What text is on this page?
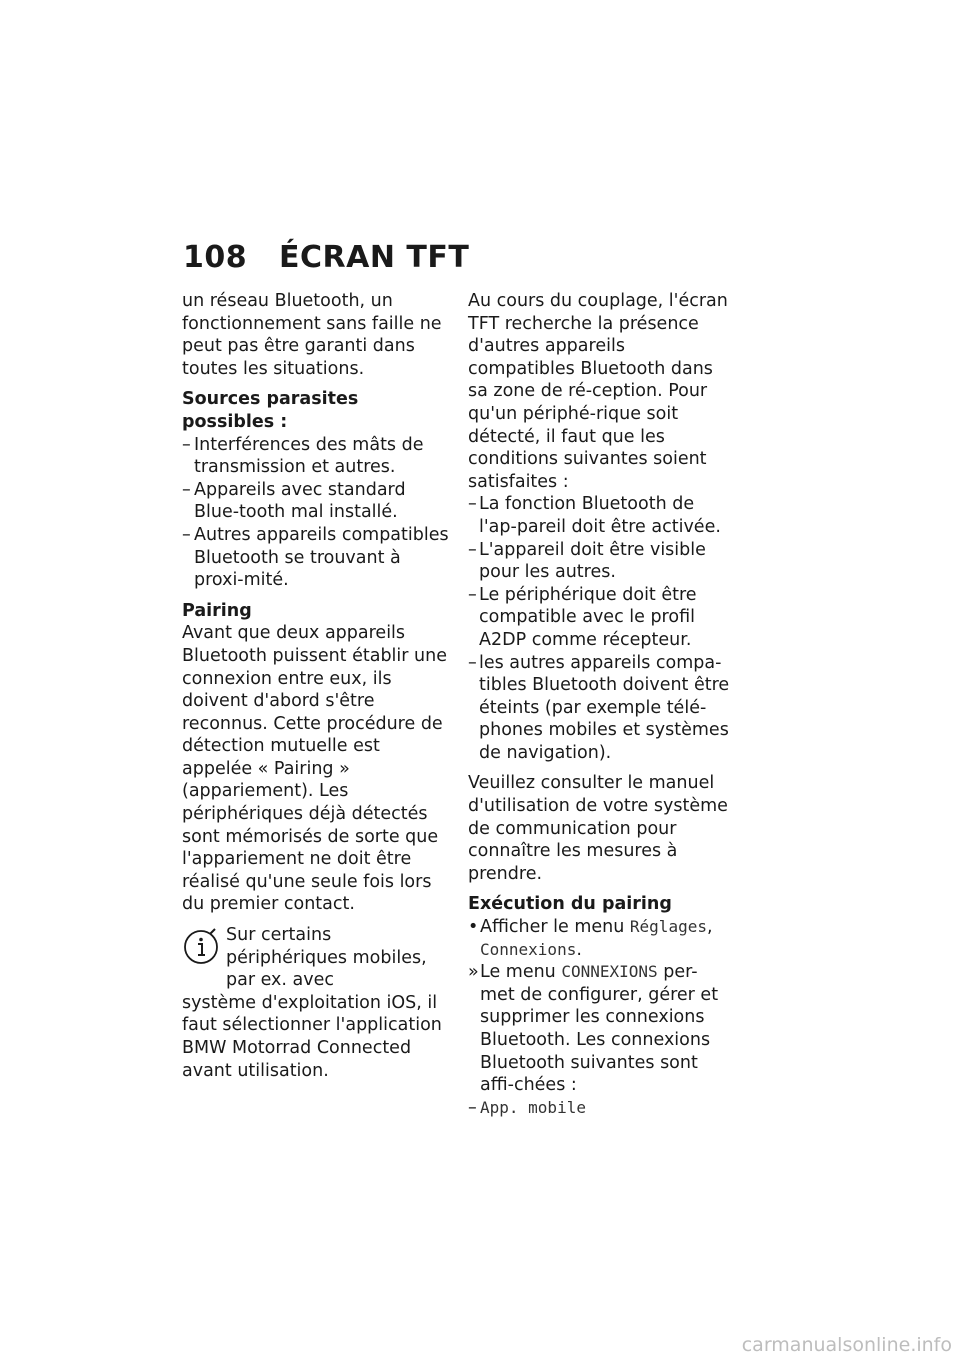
108 ÉCRAN TFT

un réseau Bluetooth, un fonctionnement sans faille ne peut pas être garanti dans toutes les situations.

Sources parasites possibles :

– Interférences des mâts de transmission et autres.
– Appareils avec standard Blue-tooth mal installé.
– Autres appareils compatibles Bluetooth se trouvant à proxi-mité.

Pairing

Avant que deux appareils Bluetooth puissent établir une connexion entre eux, ils doivent d'abord s'être reconnus. Cette procédure de détection mutuelle est appelée « Pairing » (appariement). Les périphériques déjà détectés sont mémorisés de sorte que l'appariement ne doit être réalisé qu'une seule fois lors du premier contact.

Sur certains périphériques mobiles, par ex. avec
système d'exploitation iOS, il faut sélectionner l'application BMW Motorrad Connected avant utilisation.

Au cours du couplage, l'écran TFT recherche la présence d'autres appareils compatibles Bluetooth dans sa zone de ré-ception. Pour qu'un périphé-rique soit détecté, il faut que les conditions suivantes soient satisfaites :

– La fonction Bluetooth de l'ap-pareil doit être activée.
– L'appareil doit être visible pour les autres.
– Le périphérique doit être compatible avec le profil A2DP comme récepteur.
– les autres appareils compa-tibles Bluetooth doivent être éteints (par exemple télé-phones mobiles et systèmes de navigation).

Veuillez consulter le manuel d'utilisation de votre système de communication pour connaître les mesures à prendre.

Exécution du pairing

• Afficher le menu Réglages, Connexions.
» Le menu CONNEXIONS per-met de configurer, gérer et supprimer les connexions Bluetooth. Les connexions Bluetooth suivantes sont affi-chées :
– App. mobile
carmanualsonline.info
